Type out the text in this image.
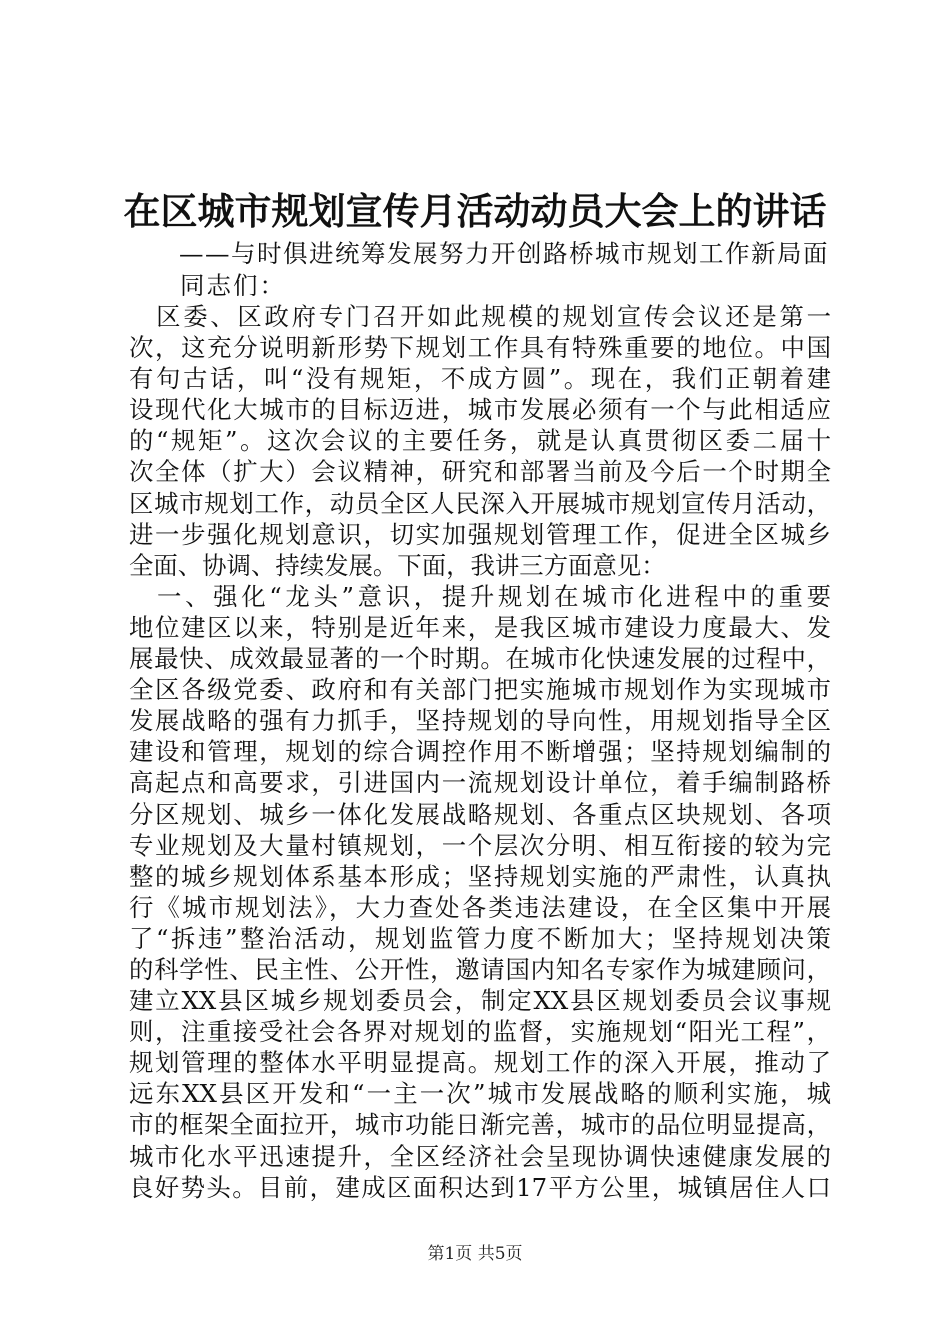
在区城市规划宣传月活动动员大会上的讲话
——与时俱进统筹发展努力开创路桥城市规划工作新局面
同志们：
　区委、区政府专门召开如此规模的规划宣传会议还是第一
次，这充分说明新形势下规划工作具有特殊重要的地位。中国
有句古话，叫“没有规矩，不成方圆”。现在，我们正朝着建
设现代化大城市的目标迈进，城市发展必须有一个与此相适应
的“规矩”。这次会议的主要任务，就是认真贯彻区委二届十
次全体（扩大）会议精神，研究和部署当前及今后一个时期全
区城市规划工作，动员全区人民深入开展城市规划宣传月活动，
进一步强化规划意识，切实加强规划管理工作，促进全区城乡
全面、协调、持续发展。下面，我讲三方面意见：
　一、强化“龙头”意识，提升规划在城市化进程中的重要
地位建区以来，特别是近年来，是我区城市建设力度最大、发
展最快、成效最显著的一个时期。在城市化快速发展的过程中，
全区各级党委、政府和有关部门把实施城市规划作为实现城市
发展战略的强有力抓手，坚持规划的导向性，用规划指导全区
建设和管理，规划的综合调控作用不断增强；坚持规划编制的
高起点和高要求，引进国内一流规划设计单位，着手编制路桥
分区规划、城乡一体化发展战略规划、各重点区块规划、各项
专业规划及大量村镇规划，一个层次分明、相互衔接的较为完
整的城乡规划体系基本形成；坚持规划实施的严肃性，认真执
行《城市规划法》，大力查处各类违法建设，在全区集中开展
了“拆违”整治活动，规划监管力度不断加大；坚持规划决策
的科学性、民主性、公开性，邀请国内知名专家作为城建顾问，
建立XX县区城乡规划委员会，制定XX县区规划委员会议事规
则，注重接受社会各界对规划的监督，实施规划“阳光工程”，
规划管理的整体水平明显提高。规划工作的深入开展，推动了
远东XX县区开发和“一主一次”城市发展战略的顺利实施，城
市的框架全面拉开，城市功能日渐完善，城市的品位明显提高，
城市化水平迅速提升，全区经济社会呈现协调快速健康发展的
良好势头。目前，建成区面积达到17平方公里，城镇居住人口
第1页 共5页
